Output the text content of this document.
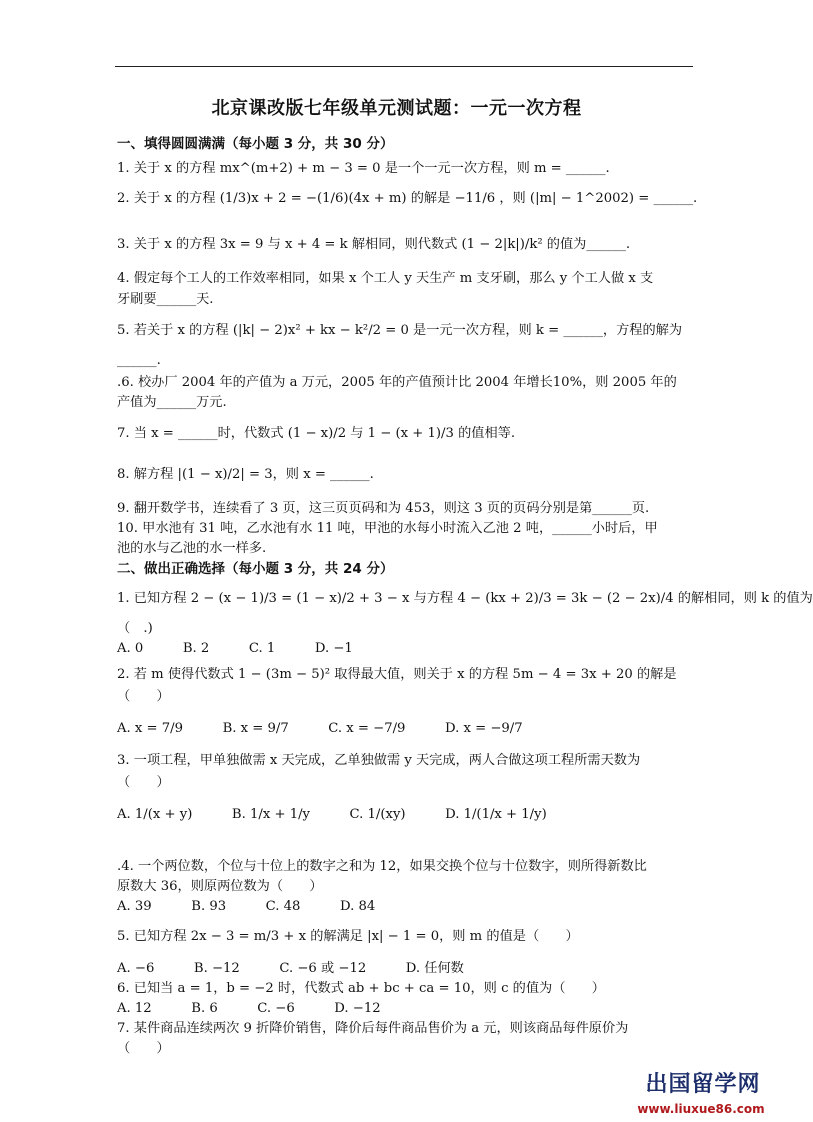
北京课改版七年级单元测试题：一元一次方程
一、填得圆圆满满（每小题 3 分，共 30 分）
1. 关于 x 的方程 mx^(m+2) + m − 3 = 0 是一个一元一次方程，则 m = ______.
2. 关于 x 的方程 (1/3)x + 2 = −(1/6)(4x + m) 的解是 −11/6 ，则 (|m| − 1^2002) = ______.
3. 关于 x 的方程 3x = 9 与 x + 4 = k 解相同，则代数式 (1 − 2|k|)/k² 的值为______.
4. 假定每个工人的工作效率相同，如果 x 个工人 y 天生产 m 支牙刷，那么 y 个工人做 x 支
牙刷要______天.
5. 若关于 x 的方程 (|k| − 2)x² + kx − k²/2 = 0 是一元一次方程，则 k = ______，方程的解为
______.
.6. 校办厂 2004 年的产值为 a 万元，2005 年的产值预计比 2004 年增长10%，则 2005 年的
产值为______万元.
7. 当 x = ______时，代数式 (1 − x)/2 与 1 − (x + 1)/3 的值相等.
8. 解方程 |(1 − x)/2| = 3，则 x = ______.
9. 翻开数学书，连续看了 3 页，这三页页码和为 453，则这 3 页的页码分别是第______页.
10. 甲水池有 31 吨，乙水池有水 11 吨，甲池的水每小时流入乙池 2 吨，______小时后，甲
池的水与乙池的水一样多.
二、做出正确选择（每小题 3 分，共 24 分）
1. 已知方程 2 − (x − 1)/3 = (1 − x)/2 + 3 − x 与方程 4 − (kx + 2)/3 = 3k − (2 − 2x)/4 的解相同，则 k 的值为
（　.)
A. 0　　　B. 2　　　C. 1　　　D. −1
2. 若 m 使得代数式 1 − (3m − 5)² 取得最大值，则关于 x 的方程 5m − 4 = 3x + 20 的解是
（　　）
A. x = 7/9　　　B. x = 9/7　　　C. x = −7/9　　　D. x = −9/7
3. 一项工程，甲单独做需 x 天完成，乙单独做需 y 天完成，两人合做这项工程所需天数为
（　　）
A. 1/(x + y)　　　B. 1/x + 1/y　　　C. 1/(xy)　　　D. 1/(1/x + 1/y)
.4. 一个两位数，个位与十位上的数字之和为 12，如果交换个位与十位数字，则所得新数比
原数大 36，则原两位数为（　　）
A. 39　　　B. 93　　　C. 48　　　D. 84
5. 已知方程 2x − 3 = m/3 + x 的解满足 |x| − 1 = 0，则 m 的值是（　　）
A. −6　　　B. −12　　　C. −6 或 −12　　　D. 任何数
6. 已知当 a = 1，b = −2 时，代数式 ab + bc + ca = 10，则 c 的值为（　　）
A. 12　　　B. 6　　　C. −6　　　D. −12
7. 某件商品连续两次 9 折降价销售，降价后每件商品售价为 a 元，则该商品每件原价为
（　　）
出国留学网
www.liuxue86.com
